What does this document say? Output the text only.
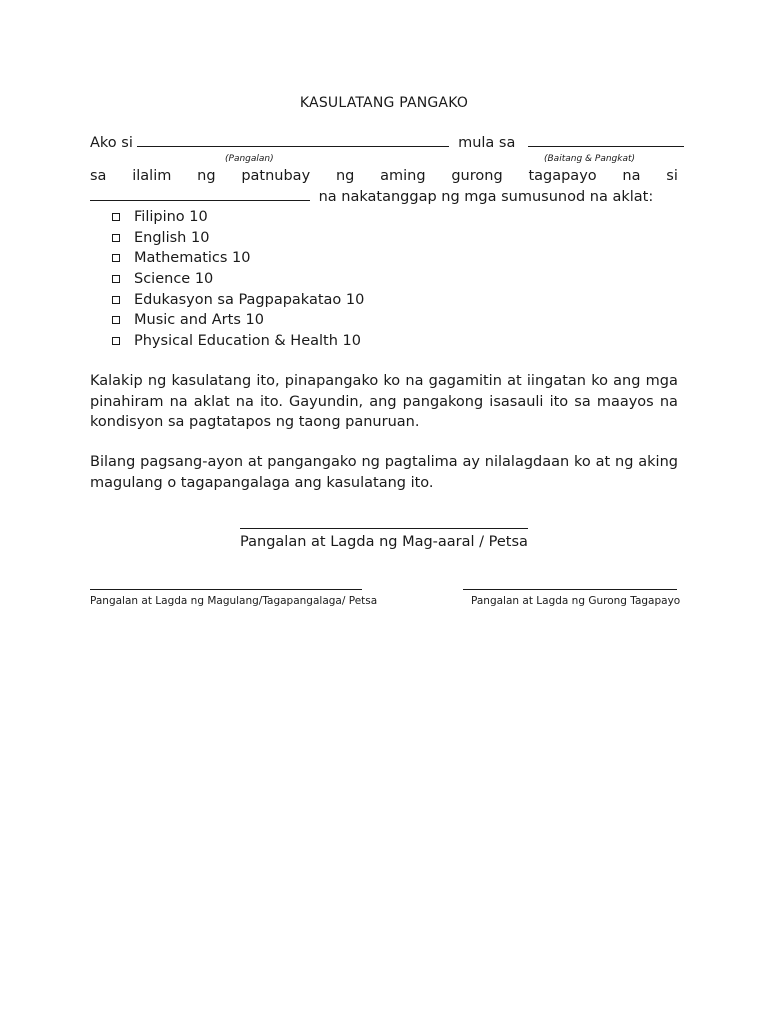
KASULATANG PANGAKO
Ako si	mula sa
(Pangalan)	(Baitang & Pangkat)
sa ilalim ng patnubay ng aming gurong tagapayo na si
na nakatanggap ng mga sumusunod na aklat:
Filipino 10
English 10
Mathematics 10
Science 10
Edukasyon sa Pagpapakatao 10
Music and Arts 10
Physical Education & Health 10
Kalakip ng kasulatang ito, pinapangako ko na gagamitin at iingatan ko ang mga
pinahiram na aklat na ito. Gayundin, ang pangakong isasauli ito sa maayos na
kondisyon sa pagtatapos ng taong panuruan.
Bilang pagsang-ayon at pangangako ng pagtalima ay nilalagdaan ko at ng aking
magulang o tagapangalaga ang kasulatang ito.
Pangalan at Lagda ng Mag-aaral / Petsa
Pangalan at Lagda ng Magulang/Tagapangalaga/ Petsa	Pangalan at Lagda ng Gurong Tagapayo
